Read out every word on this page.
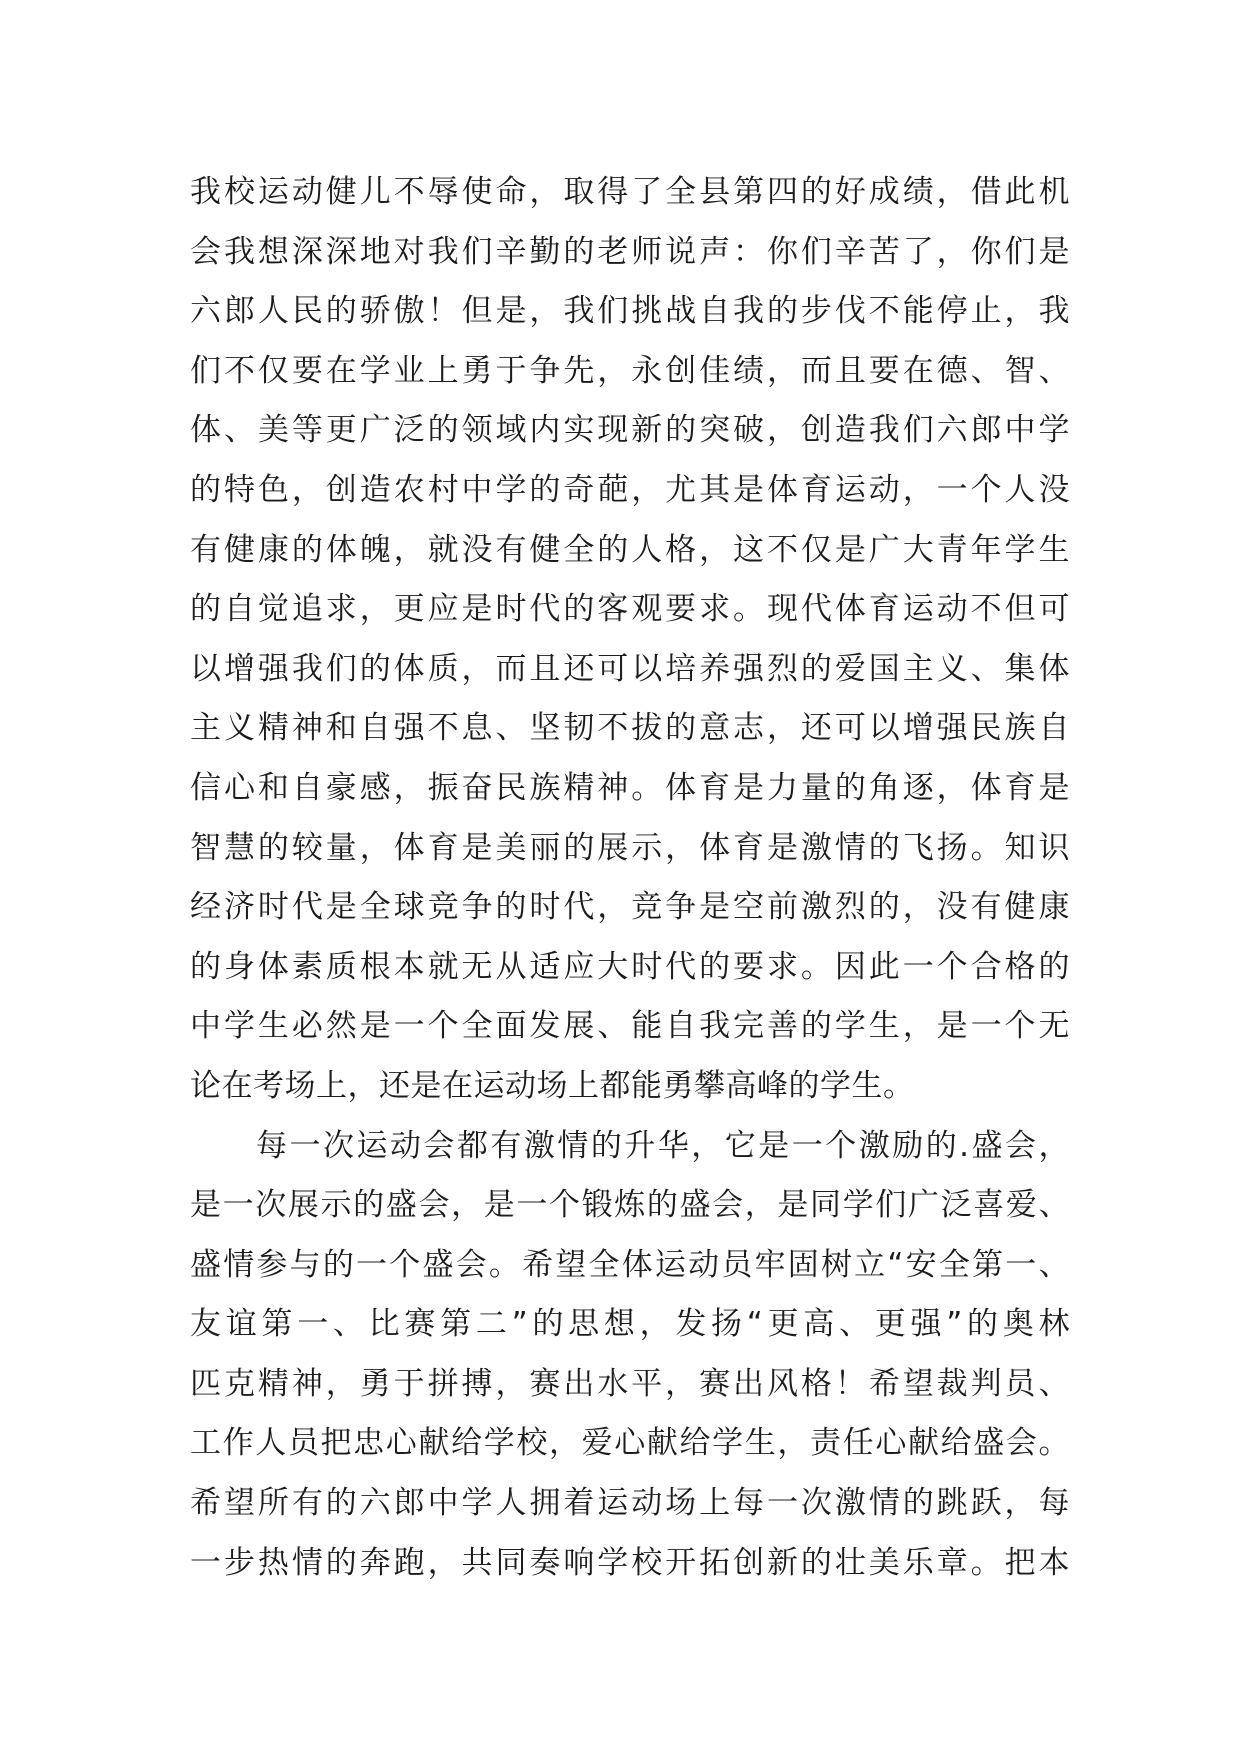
我校运动健儿不辱使命，取得了全县第四的好成绩，借此机
会我想深深地对我们辛勤的老师说声：你们辛苦了，你们是
六郎人民的骄傲！但是，我们挑战自我的步伐不能停止，我
们不仅要在学业上勇于争先，永创佳绩，而且要在德、智、
体、美等更广泛的领域内实现新的突破，创造我们六郎中学
的特色，创造农村中学的奇葩，尤其是体育运动，一个人没
有健康的体魄，就没有健全的人格，这不仅是广大青年学生
的自觉追求，更应是时代的客观要求。现代体育运动不但可
以增强我们的体质，而且还可以培养强烈的爱国主义、集体
主义精神和自强不息、坚韧不拔的意志，还可以增强民族自
信心和自豪感，振奋民族精神。体育是力量的角逐，体育是
智慧的较量，体育是美丽的展示，体育是激情的飞扬。知识
经济时代是全球竞争的时代，竞争是空前激烈的，没有健康
的身体素质根本就无从适应大时代的要求。因此一个合格的
中学生必然是一个全面发展、能自我完善的学生，是一个无
论在考场上，还是在运动场上都能勇攀高峰的学生。
每一次运动会都有激情的升华，它是一个激励的.盛会，
是一次展示的盛会，是一个锻炼的盛会，是同学们广泛喜爱、
盛情参与的一个盛会。希望全体运动员牢固树立“安全第一、
友谊第一、比赛第二”的思想，发扬“更高、更强”的奥林
匹克精神，勇于拼搏，赛出水平，赛出风格！希望裁判员、
工作人员把忠心献给学校，爱心献给学生，责任心献给盛会。
希望所有的六郎中学人拥着运动场上每一次激情的跳跃，每
一步热情的奔跑，共同奏响学校开拓创新的壮美乐章。把本
